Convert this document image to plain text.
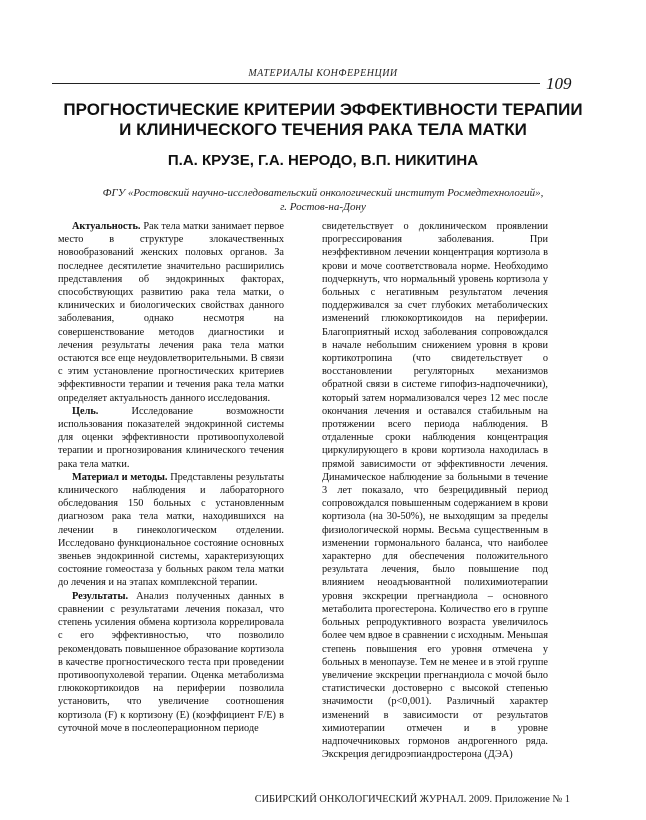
МАТЕРИАЛЫ КОНФЕРЕНЦИИ
109
ПРОГНОСТИЧЕСКИЕ КРИТЕРИИ ЭФФЕКТИВНОСТИ ТЕРАПИИ
И КЛИНИЧЕСКОГО ТЕЧЕНИЯ РАКА ТЕЛА МАТКИ
П.А. КРУЗЕ, Г.А. НЕРОДО, В.П. НИКИТИНА
ФГУ «Ростовский научно-исследовательский онкологический институт Росмедтехнологий»,
г. Ростов-на-Дону

Актуальность. Рак тела матки занимает первое место в структуре злокачественных новообразований женских половых органов. За последнее десятилетие значительно расширились представления об эндокринных факторах, способствующих развитию рака тела матки, о клинических и биологических свойствах данного заболевания, однако несмотря на совершенствование методов диагностики и лечения результаты лечения рака тела матки остаются все еще неудовлетворительными. В связи с этим установление прогностических критериев эффективности терапии и течения рака тела матки определяет актуальность данного исследования.

Цель.	Исследование возможности использования показателей эндокринной системы для оценки эффективности противоопухолевой терапии и прогнозирования клинического течения рака тела матки.

Материал и методы. Представлены результаты клинического наблюдения и лабораторного обследования 150 больных с установленным диагнозом рака тела матки, находившихся на лечении в гинекологическом отделении. Исследовано функциональное состояние основных звеньев эндокринной системы, характеризующих состояние гомеостаза у больных раком тела матки до лечения и на этапах комплексной терапии.

Результаты. Анализ полученных данных в сравнении с результатами лечения показал, что степень усиления обмена кортизола коррелировала с его эффективностью, что позволило рекомендовать повышенное образование кортизола в качестве прогностического теста при проведении противоопухолевой терапии. Оценка метаболизма глюкокортикоидов на периферии позволила установить, что увеличение соотношения кортизола (F) к кортизону (E) (коэффициент F/E) в суточной моче в послеоперационном периоде

свидетельствует о доклиническом проявлении прогрессирования заболевания. При неэффективном лечении концентрация кортизола в крови и моче соответствовала норме. Необходимо подчеркнуть, что нормальный уровень кортизола у больных с негативным результатом лечения поддерживался за счет глубоких метаболических изменений глюкокортикоидов на периферии. Благоприятный исход заболевания сопровождался в начале небольшим снижением уровня в крови кортикотропина (что свидетельствует о восстановлении регуляторных механизмов обратной связи в системе гипофиз-надпочечники), который затем нормализовался через 12 мес после окончания лечения и оставался стабильным на протяжении всего периода наблюдения. В отдаленные сроки наблюдения концентрация циркулирующего в крови кортизола находилась в прямой зависимости от эффективности лечения. Динамическое наблюдение за больными в течение 3 лет показало, что безрецидивный период сопровождался повышенным содержанием в крови кортизола (на 30-50%), не выходящим за пределы физиологической нормы. Весьма существенным в изменении гормонального баланса, что наиболее характерно для обеспечения положительного результата лечения, было повышение под влиянием неоадъювантной полихимиотерапии уровня экскреции прегнандиола – основного метаболита прогестерона. Количество его в группе больных репродуктивного возраста увеличилось более чем вдвое в сравнении с исходным. Меньшая степень повышения его уровня отмечена у больных в менопаузе. Тем не менее и в этой группе увеличение экскреции прегнандиола с мочой было статистически достоверно с высокой степенью значимости (р<0,001). Различный характер изменений в зависимости от результатов химиотерапии отмечен и в уровне надпочечниковых гормонов андрогенного ряда. Экскреция дегидроэпиандростерона (ДЭА)

СИБИРСКИЙ ОНКОЛОГИЧЕСКИЙ ЖУРНАЛ. 2009. Приложение № 1
